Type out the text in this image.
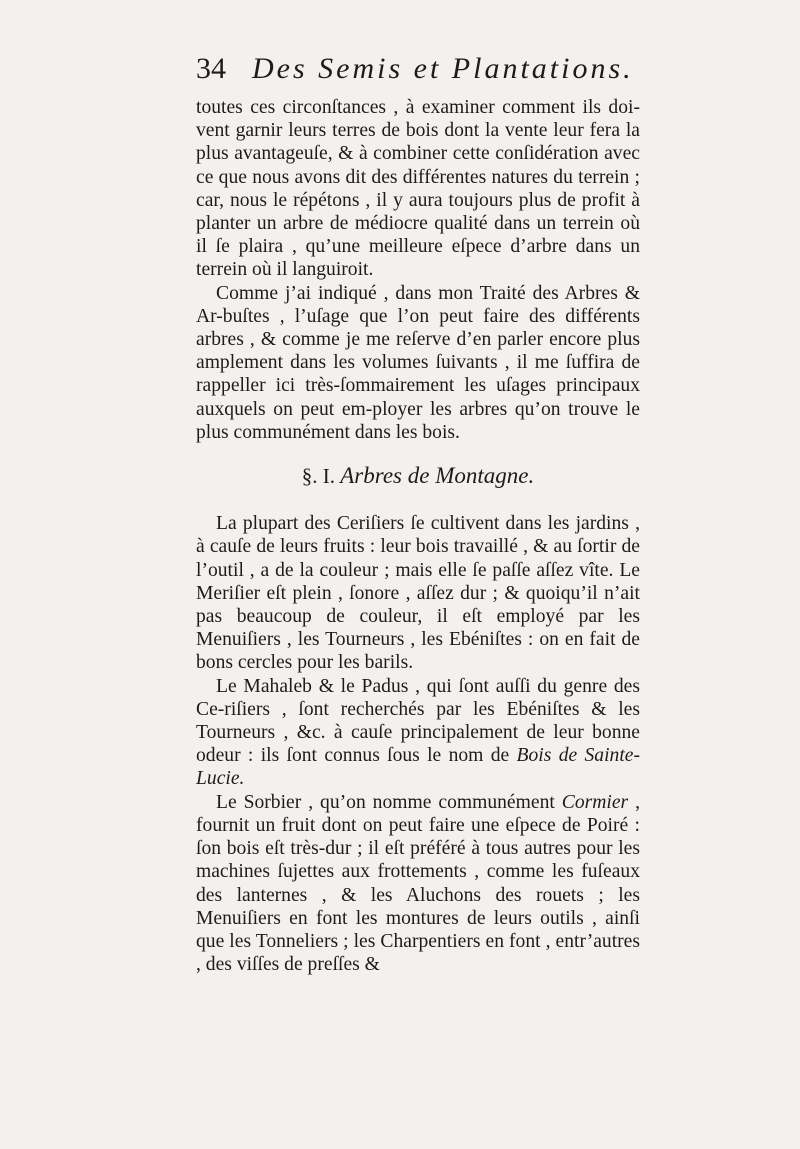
34 Des Semis et Plantations.

toutes ces circonſtances , à examiner comment ils doi-vent garnir leurs terres de bois dont la vente leur fera la plus avantageuſe, & à combiner cette conſidération avec ce que nous avons dit des différentes natures du terrein ; car, nous le répétons , il y aura toujours plus de profit à planter un arbre de médiocre qualité dans un terrein où il ſe plaira , qu’une meilleure eſpece d’arbre dans un terrein où il languiroit.

Comme j’ai indiqué , dans mon Traité des Arbres & Ar-buſtes , l’uſage que l’on peut faire des différents arbres , & comme je me reſerve d’en parler encore plus amplement dans les volumes ſuivants , il me ſuffira de rappeller ici très-ſommairement les uſages principaux auxquels on peut em-ployer les arbres qu’on trouve le plus communément dans les bois.

§. I. Arbres de Montagne.

La plupart des Ceriſiers ſe cultivent dans les jardins , à cauſe de leurs fruits : leur bois travaillé , & au ſortir de l’outil , a de la couleur ; mais elle ſe paſſe aſſez vîte. Le Meriſier eſt plein , ſonore , aſſez dur ; & quoiqu’il n’ait pas beaucoup de couleur, il eſt employé par les Menuiſiers , les Tourneurs , les Ebéniſtes : on en fait de bons cercles pour les barils.

Le Mahaleb & le Padus , qui ſont auſſi du genre des Ce-riſiers , ſont recherchés par les Ebéniſtes & les Tourneurs , &c. à cauſe principalement de leur bonne odeur : ils ſont connus ſous le nom de Bois de Sainte-Lucie.

Le Sorbier , qu’on nomme communément Cormier , fournit un fruit dont on peut faire une eſpece de Poiré : ſon bois eſt très-dur ; il eſt préféré à tous autres pour les machines ſujettes aux frottements , comme les fuſeaux des lanternes , & les Aluchons des rouets ; les Menuiſiers en font les montures de leurs outils , ainſi que les Tonneliers ; les Charpentiers en font , entr’autres , des viſſes de preſſes &
